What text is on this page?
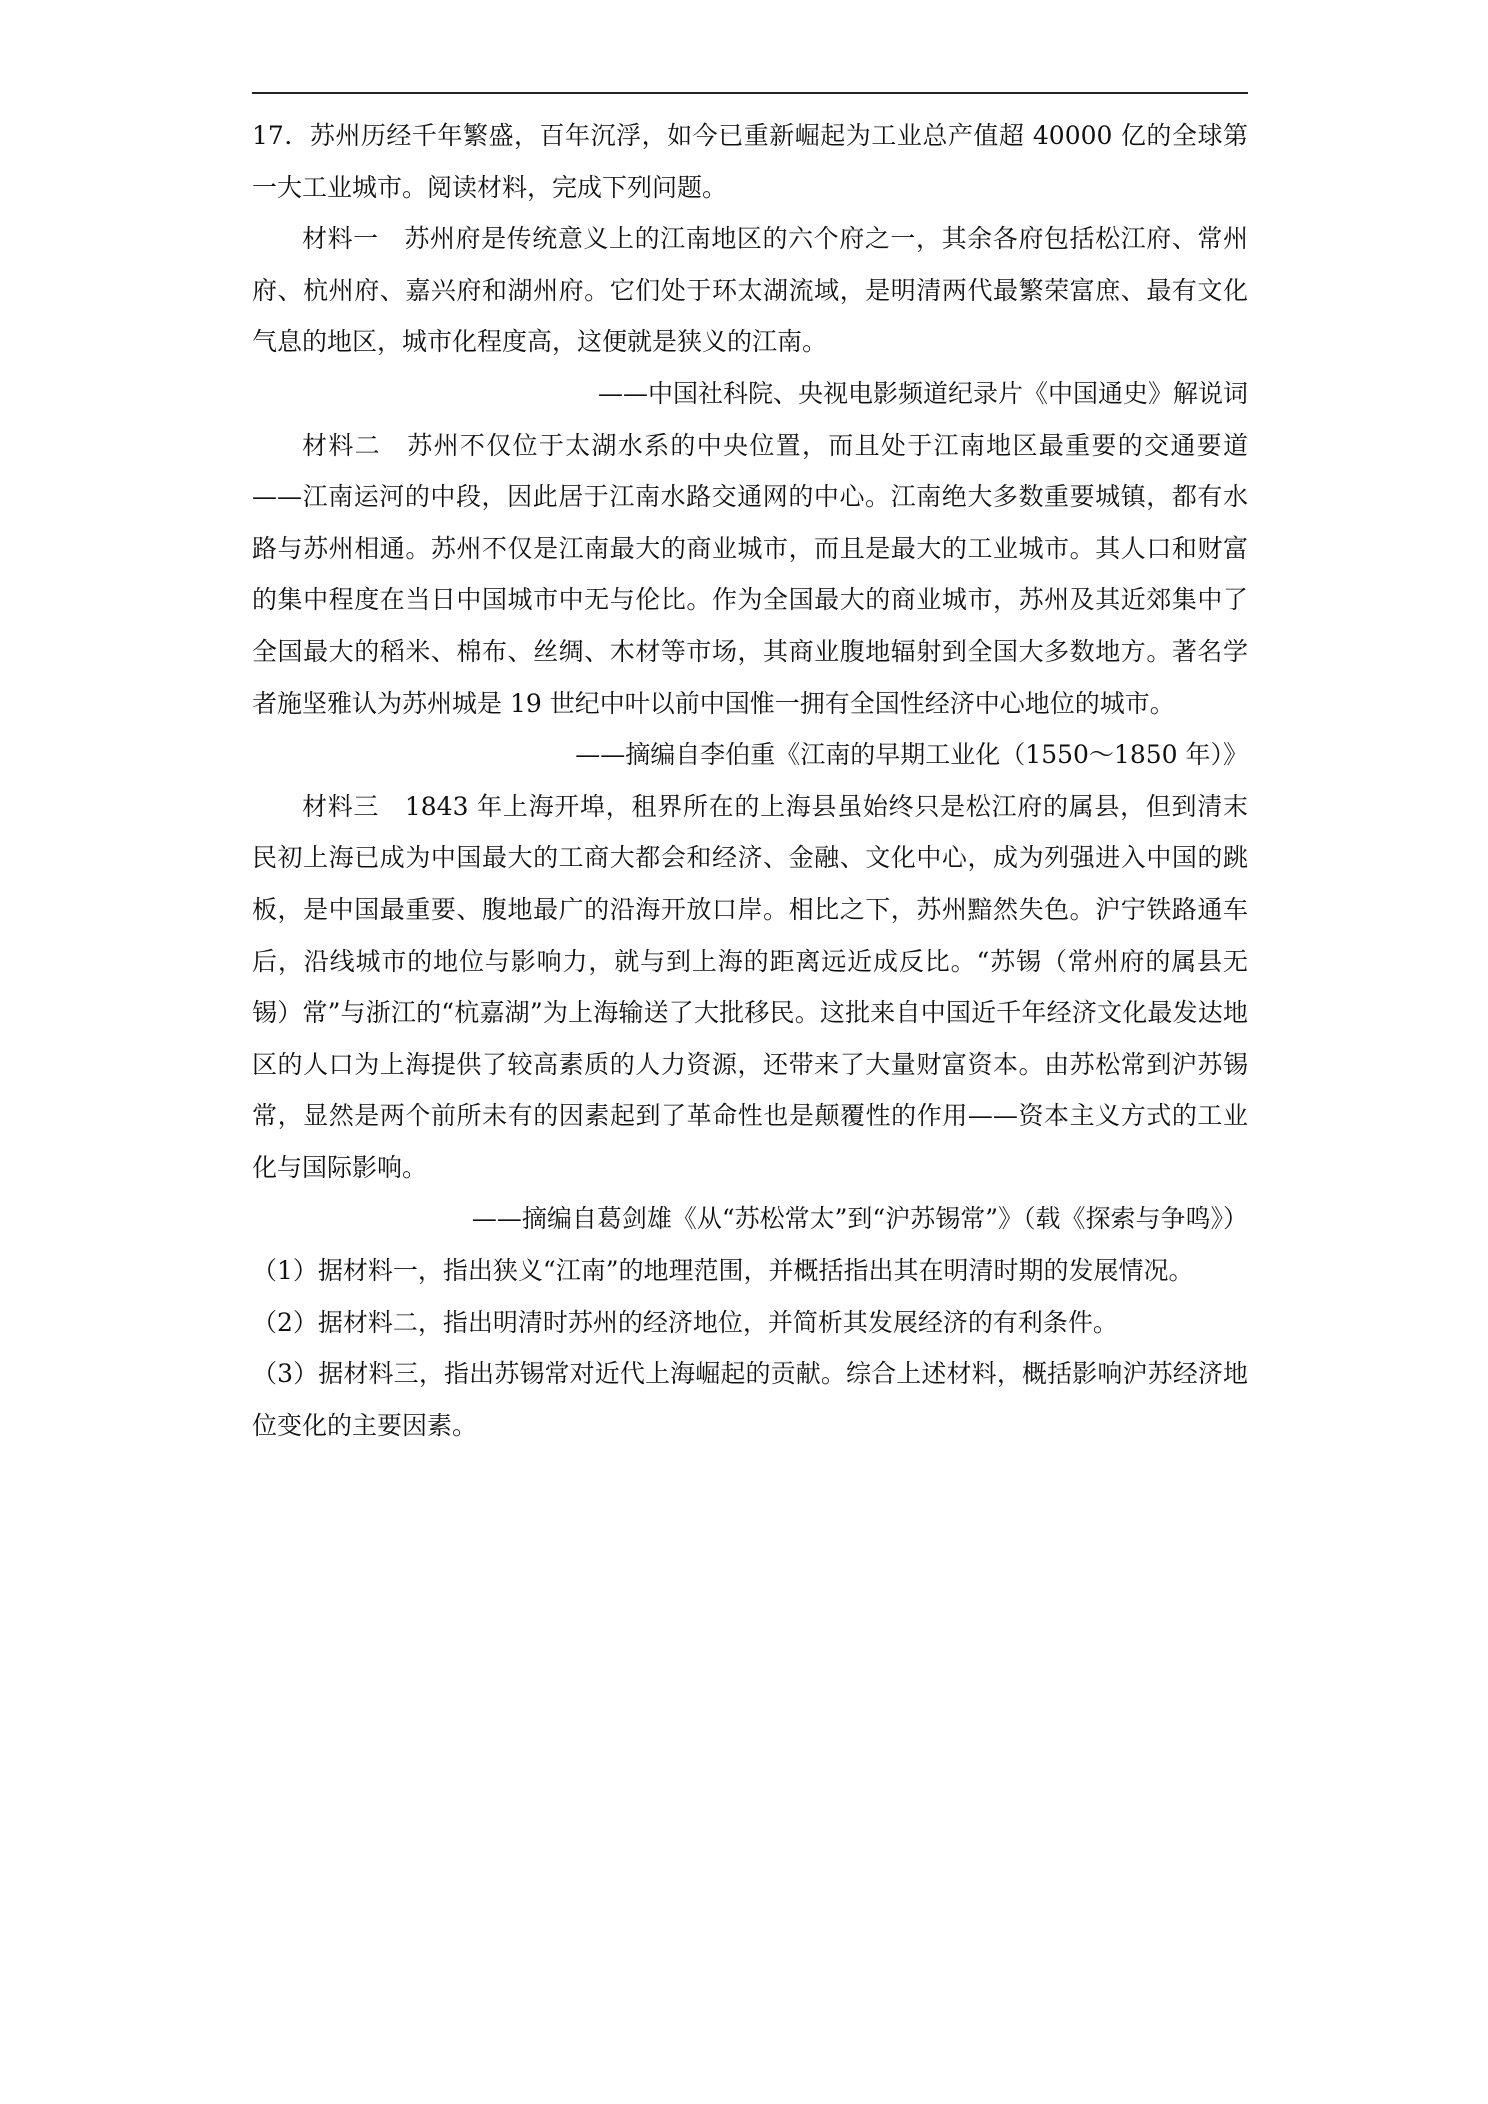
17．苏州历经千年繁盛，百年沉浮，如今已重新崛起为工业总产值超 40000 亿的全球第一大工业城市。阅读材料，完成下列问题。

材料一　苏州府是传统意义上的江南地区的六个府之一，其余各府包括松江府、常州府、杭州府、嘉兴府和湖州府。它们处于环太湖流域，是明清两代最繁荣富庶、最有文化气息的地区，城市化程度高，这便就是狭义的江南。

——中国社科院、央视电影频道纪录片《中国通史》解说词

材料二　苏州不仅位于太湖水系的中央位置，而且处于江南地区最重要的交通要道——江南运河的中段，因此居于江南水路交通网的中心。江南绝大多数重要城镇，都有水路与苏州相通。苏州不仅是江南最大的商业城市，而且是最大的工业城市。其人口和财富的集中程度在当日中国城市中无与伦比。作为全国最大的商业城市，苏州及其近郊集中了全国最大的稻米、棉布、丝绸、木材等市场，其商业腹地辐射到全国大多数地方。著名学者施坚雅认为苏州城是 19 世纪中叶以前中国惟一拥有全国性经济中心地位的城市。

——摘编自李伯重《江南的早期工业化（1550～1850 年）》

材料三　1843 年上海开埠，租界所在的上海县虽始终只是松江府的属县，但到清末民初上海已成为中国最大的工商大都会和经济、金融、文化中心，成为列强进入中国的跳板，是中国最重要、腹地最广的沿海开放口岸。相比之下，苏州黯然失色。沪宁铁路通车后，沿线城市的地位与影响力，就与到上海的距离远近成反比。“苏锡（常州府的属县无锡）常”与浙江的“杭嘉湖”为上海输送了大批移民。这批来自中国近千年经济文化最发达地区的人口为上海提供了较高素质的人力资源，还带来了大量财富资本。由苏松常到沪苏锡常，显然是两个前所未有的因素起到了革命性也是颠覆性的作用——资本主义方式的工业化与国际影响。

——摘编自葛剑雄《从“苏松常太”到“沪苏锡常”》（载《探索与争鸣》）

（1）据材料一，指出狭义“江南”的地理范围，并概括指出其在明清时期的发展情况。

（2）据材料二，指出明清时苏州的经济地位，并简析其发展经济的有利条件。

（3）据材料三，指出苏锡常对近代上海崛起的贡献。综合上述材料，概括影响沪苏经济地位变化的主要因素。
